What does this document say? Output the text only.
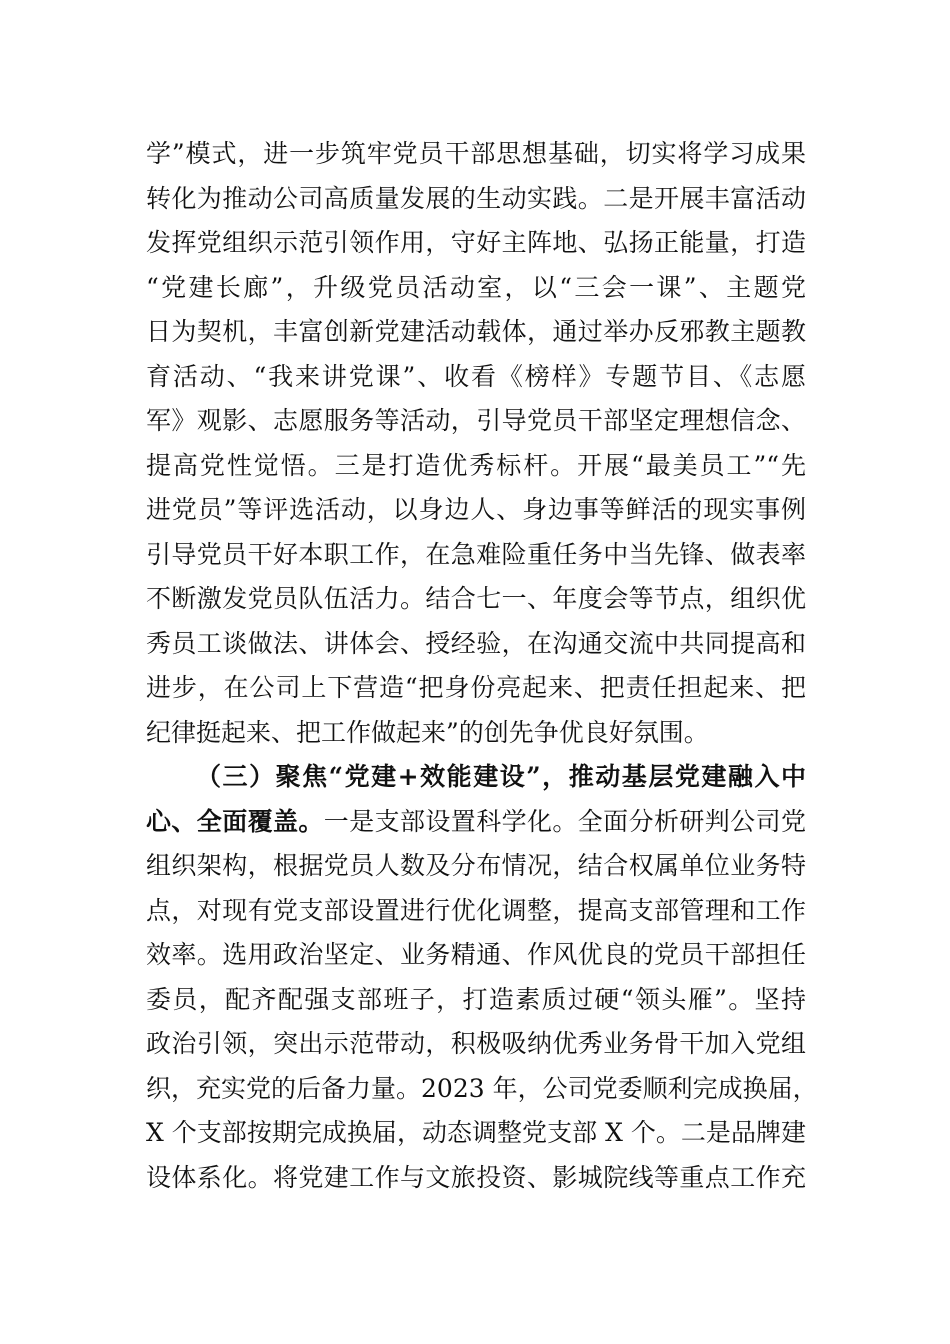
学”模式，进一步筑牢党员干部思想基础，切实将学习成果
转化为推动公司高质量发展的生动实践。二是开展丰富活动
发挥党组织示范引领作用，守好主阵地、弘扬正能量，打造
“党建长廊”，升级党员活动室，以“三会一课”、主题党
日为契机，丰富创新党建活动载体，通过举办反邪教主题教
育活动、“我来讲党课”、收看《榜样》专题节目、《志愿
军》观影、志愿服务等活动，引导党员干部坚定理想信念、
提高党性觉悟。三是打造优秀标杆。开展“最美员工”“先
进党员”等评选活动，以身边人、身边事等鲜活的现实事例
引导党员干好本职工作，在急难险重任务中当先锋、做表率
不断激发党员队伍活力。结合七一、年度会等节点，组织优
秀员工谈做法、讲体会、授经验，在沟通交流中共同提高和
进步，在公司上下营造“把身份亮起来、把责任担起来、把
纪律挺起来、把工作做起来”的创先争优良好氛围。
（三）聚焦“党建+效能建设”，推动基层党建融入中
心、全面覆盖。一是支部设置科学化。全面分析研判公司党
组织架构，根据党员人数及分布情况，结合权属单位业务特
点，对现有党支部设置进行优化调整，提高支部管理和工作
效率。选用政治坚定、业务精通、作风优良的党员干部担任
委员，配齐配强支部班子，打造素质过硬“领头雁”。坚持
政治引领，突出示范带动，积极吸纳优秀业务骨干加入党组
织，充实党的后备力量。2023 年，公司党委顺利完成换届，
X 个支部按期完成换届，动态调整党支部 X 个。二是品牌建
设体系化。将党建工作与文旅投资、影城院线等重点工作充
